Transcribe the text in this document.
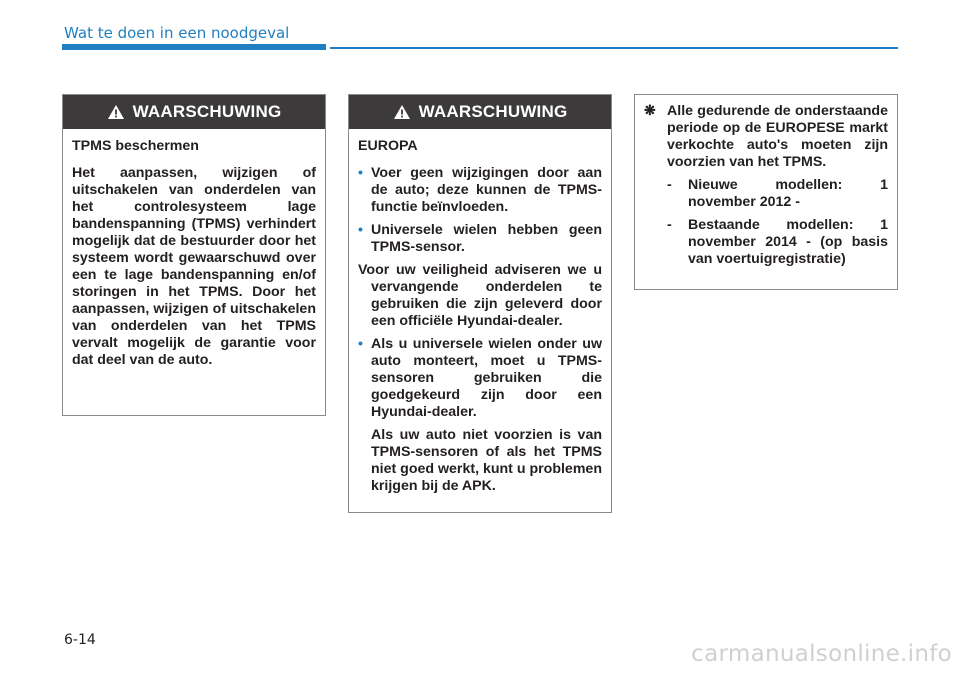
Wat te doen in een noodgeval
WAARSCHUWING

TPMS beschermen

Het aanpassen, wijzigen of uitschakelen van onderdelen van het controlesysteem lage bandenspanning (TPMS) verhindert mogelijk dat de bestuurder door het systeem wordt gewaarschuwd over een te lage bandenspanning en/of storingen in het TPMS. Door het aanpassen, wijzigen of uitschakelen van onderdelen van het TPMS vervalt mogelijk de garantie voor dat deel van de auto.

WAARSCHUWING

EUROPA

• Voer geen wijzigingen door aan de auto; deze kunnen de TPMS-functie beïnvloeden.
• Universele wielen hebben geen TPMS-sensor.

Voor uw veiligheid adviseren we u vervangende onderdelen te gebruiken die zijn geleverd door een officiële Hyundai-dealer.

• Als u universele wielen onder uw auto monteert, moet u TPMS-sensoren gebruiken die goedgekeurd zijn door een Hyundai-dealer.

Als uw auto niet voorzien is van TPMS-sensoren of als het TPMS niet goed werkt, kunt u problemen krijgen bij de APK.

❋ Alle gedurende de onderstaande periode op de EUROPESE markt verkochte auto's moeten zijn voorzien van het TPMS.
- Nieuwe modellen: 1 november 2012 -
- Bestaande modellen: 1 november 2014 - (op basis van voertuigregistratie)
6-14
carmanualsonline.info
